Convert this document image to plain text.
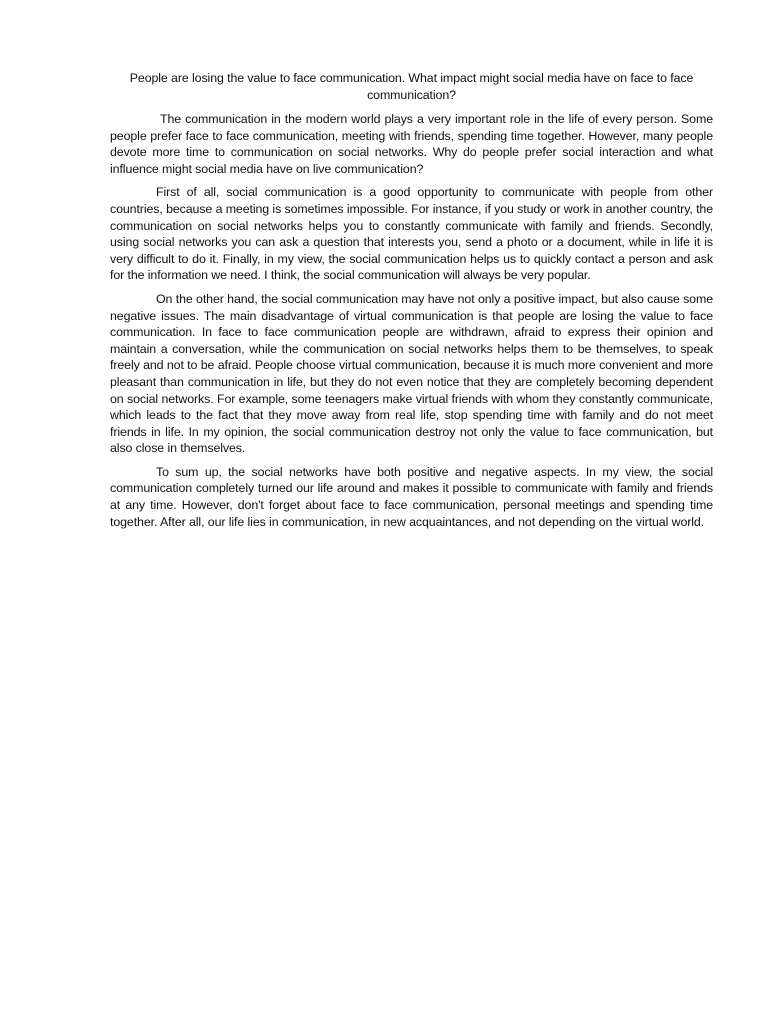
People are losing the value to face communication. What impact might social media have on face to face communication?

The communication in the modern world plays a very important role in the life of every person. Some people prefer face to face communication, meeting with friends, spending time together. However, many people devote more time to communication on social networks. Why do people prefer social interaction and what influence might social media have on live communication?

First of all, social communication is a good opportunity to communicate with people from other countries, because a meeting is sometimes impossible. For instance, if you study or work in another country, the communication on social networks helps you to constantly communicate with family and friends. Secondly, using social networks you can ask a question that interests you, send a photo or a document, while in life it is very difficult to do it. Finally, in my view, the social communication helps us to quickly contact a person and ask for the information we need. I think, the social communication will always be very popular.

On the other hand, the social communication may have not only a positive impact, but also cause some negative issues. The main disadvantage of virtual communication is that people are losing the value to face communication. In face to face communication people are withdrawn, afraid to express their opinion and maintain a conversation, while the communication on social networks helps them to be themselves, to speak freely and not to be afraid. People choose virtual communication, because it is much more convenient and more pleasant than communication in life, but they do not even notice that they are completely becoming dependent on social networks. For example, some teenagers make virtual friends with whom they constantly communicate, which leads to the fact that they move away from real life, stop spending time with family and do not meet friends in life. In my opinion, the social communication destroy not only the value to face communication, but also close in themselves.

To sum up, the social networks have both positive and negative aspects. In my view, the social communication completely turned our life around and makes it possible to communicate with family and friends at any time. However, don't forget about face to face communication, personal meetings and spending time together. After all, our life lies in communication, in new acquaintances, and not depending on the virtual world.
